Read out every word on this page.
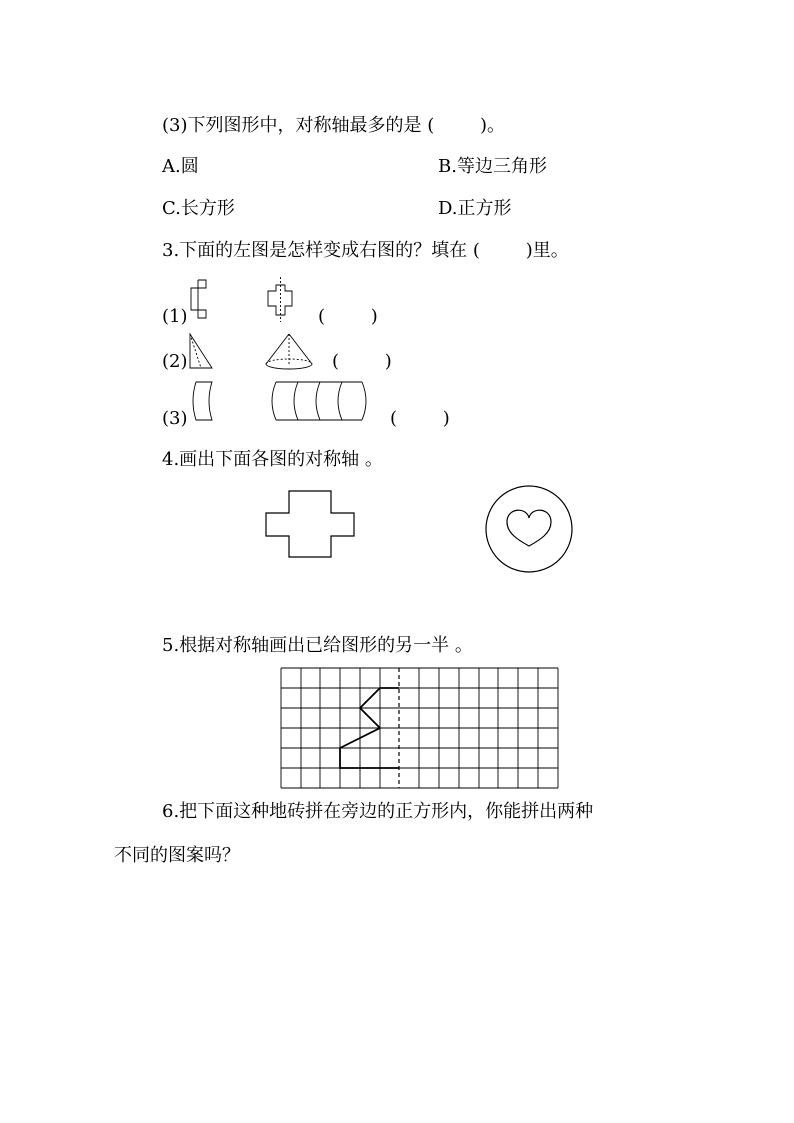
(3)下列图形中，对称轴最多的是 (        )。
A.圆	B.等边三角形
C.长方形	D.正方形
3.下面的左图是怎样变成右图的？填在 (        )里。
(1)	(        )
(2)	(        )
(3)	(        )
4.画出下面各图的对称轴 。
5.根据对称轴画出已给图形的另一半 。
6.把下面这种地砖拼在旁边的正方形内，你能拼出两种
不同的图案吗？
